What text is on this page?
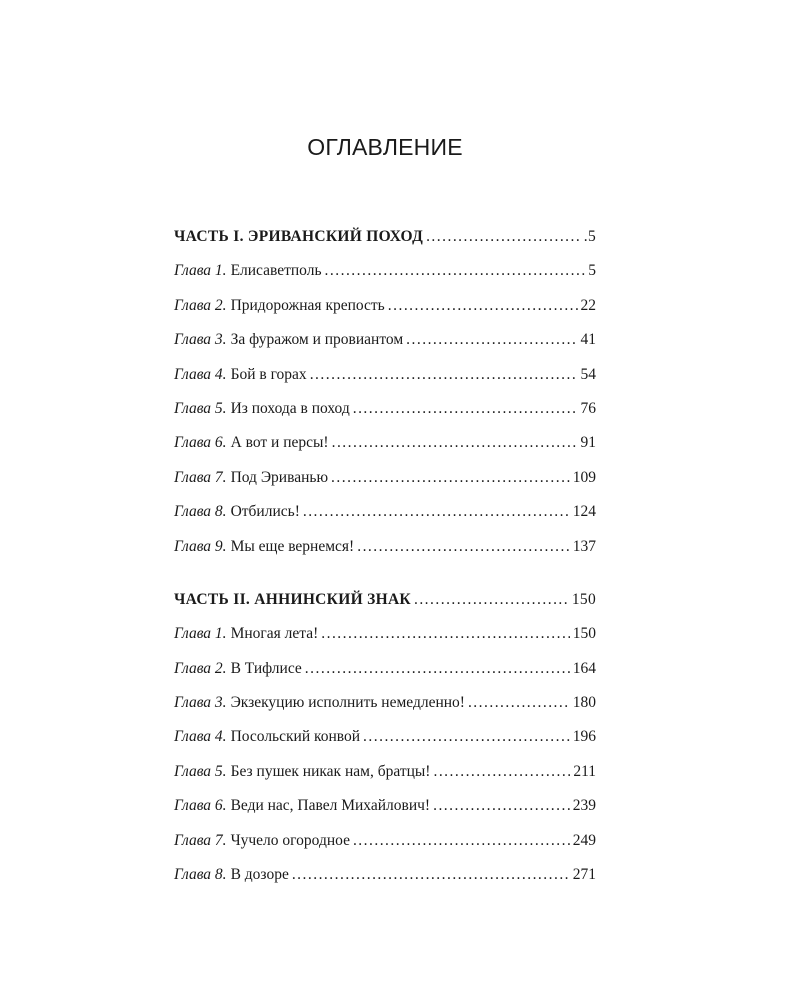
ОГЛАВЛЕНИЕ
ЧАСТЬ I. ЭРИВАНСКИЙ ПОХОД . . .	.5
Глава 1. Елисаветполь . . .	5
Глава 2. Придорожная крепость . . .	22
Глава 3. За фуражом и провиантом . . .	41
Глава 4. Бой в горах . . .	54
Глава 5. Из похода в поход . . .	76
Глава 6. А вот и персы! . . .	91
Глава 7. Под Эриванью . . .	109
Глава 8. Отбились! . . .	124
Глава 9. Мы еще вернемся! . . .	137
ЧАСТЬ II. АННИНСКИЙ ЗНАК . . .	150
Глава 1. Многая лета! . . .	150
Глава 2. В Тифлисе . . .	164
Глава 3. Экзекуцию исполнить немедленно! . . .	180
Глава 4. Посольский конвой . . .	196
Глава 5. Без пушек никак нам, братцы! . . .	211
Глава 6. Веди нас, Павел Михайлович! . . .	239
Глава 7. Чучело огородное . . .	249
Глава 8. В дозоре . . .	271
